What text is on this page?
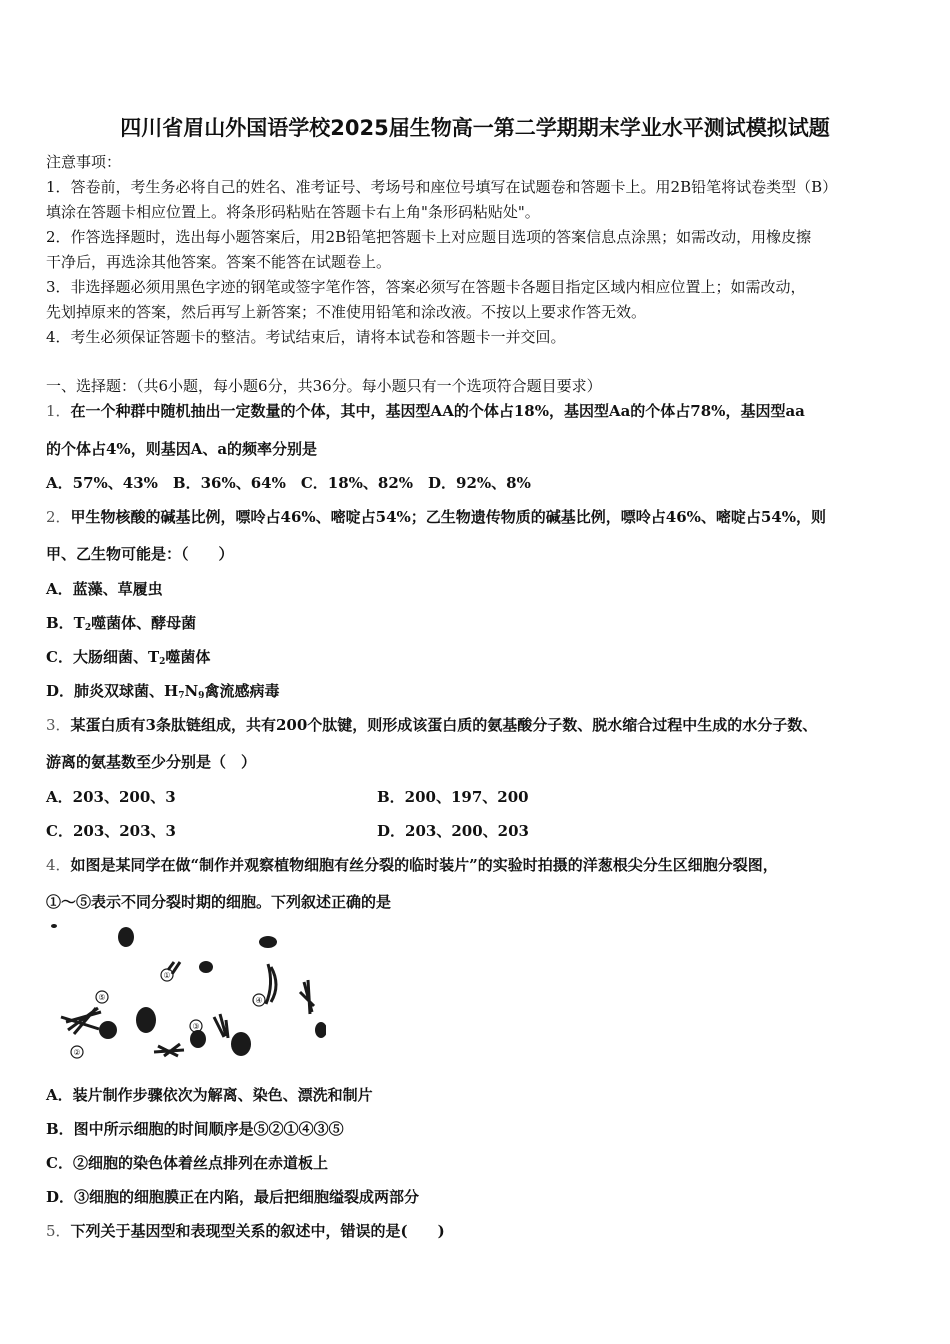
四川省眉山外国语学校2025届生物高一第二学期期末学业水平测试模拟试题
注意事项：
1．答卷前，考生务必将自己的姓名、准考证号、考场号和座位号填写在试题卷和答题卡上。用2B铅笔将试卷类型（B）
填涂在答题卡相应位置上。将条形码粘贴在答题卡右上角"条形码粘贴处"。
2．作答选择题时，选出每小题答案后，用2B铅笔把答题卡上对应题目选项的答案信息点涂黑；如需改动，用橡皮擦
干净后，再选涂其他答案。答案不能答在试题卷上。
3．非选择题必须用黑色字迹的钢笔或签字笔作答，答案必须写在答题卡各题目指定区域内相应位置上；如需改动，
先划掉原来的答案，然后再写上新答案；不准使用铅笔和涂改液。不按以上要求作答无效。
4．考生必须保证答题卡的整洁。考试结束后，请将本试卷和答题卡一并交回。
一、选择题：（共6小题，每小题6分，共36分。每小题只有一个选项符合题目要求）
1．在一个种群中随机抽出一定数量的个体，其中，基因型AA的个体占18%，基因型Aa的个体占78%，基因型aa
的个体占4%，则基因A、a的频率分别是
A．57%、43%　B．36%、64%　C．18%、82%　D．92%、8%
2．甲生物核酸的碱基比例，嘌呤占46%、嘧啶占54%；乙生物遗传物质的碱基比例，嘌呤占46%、嘧啶占54%，则
甲、乙生物可能是：（　　）
A．蓝藻、草履虫
B．$T_2$噬菌体、酵母菌
C．大肠细菌、$T_2$噬菌体
D．肺炎双球菌、$H_7N_9$禽流感病毒
3．某蛋白质有3条肽链组成，共有200个肽键，则形成该蛋白质的氨基酸分子数、脱水缩合过程中生成的水分子数、
游离的氨基数至少分别是（　）
A．203、200、3	B．200、197、200
C．203、203、3	D．203、200、203
4．如图是某同学在做“制作并观察植物细胞有丝分裂的临时装片”的实验时拍摄的洋葱根尖分生区细胞分裂图，
①～⑤表示不同分裂时期的细胞。下列叙述正确的是
①
②
③
④
⑤
A．装片制作步骤依次为解离、染色、漂洗和制片
B．图中所示细胞的时间顺序是⑤②①④③⑤
C．②细胞的染色体着丝点排列在赤道板上
D．③细胞的细胞膜正在内陷，最后把细胞缢裂成两部分
5．下列关于基因型和表现型关系的叙述中，错误的是(　　)
